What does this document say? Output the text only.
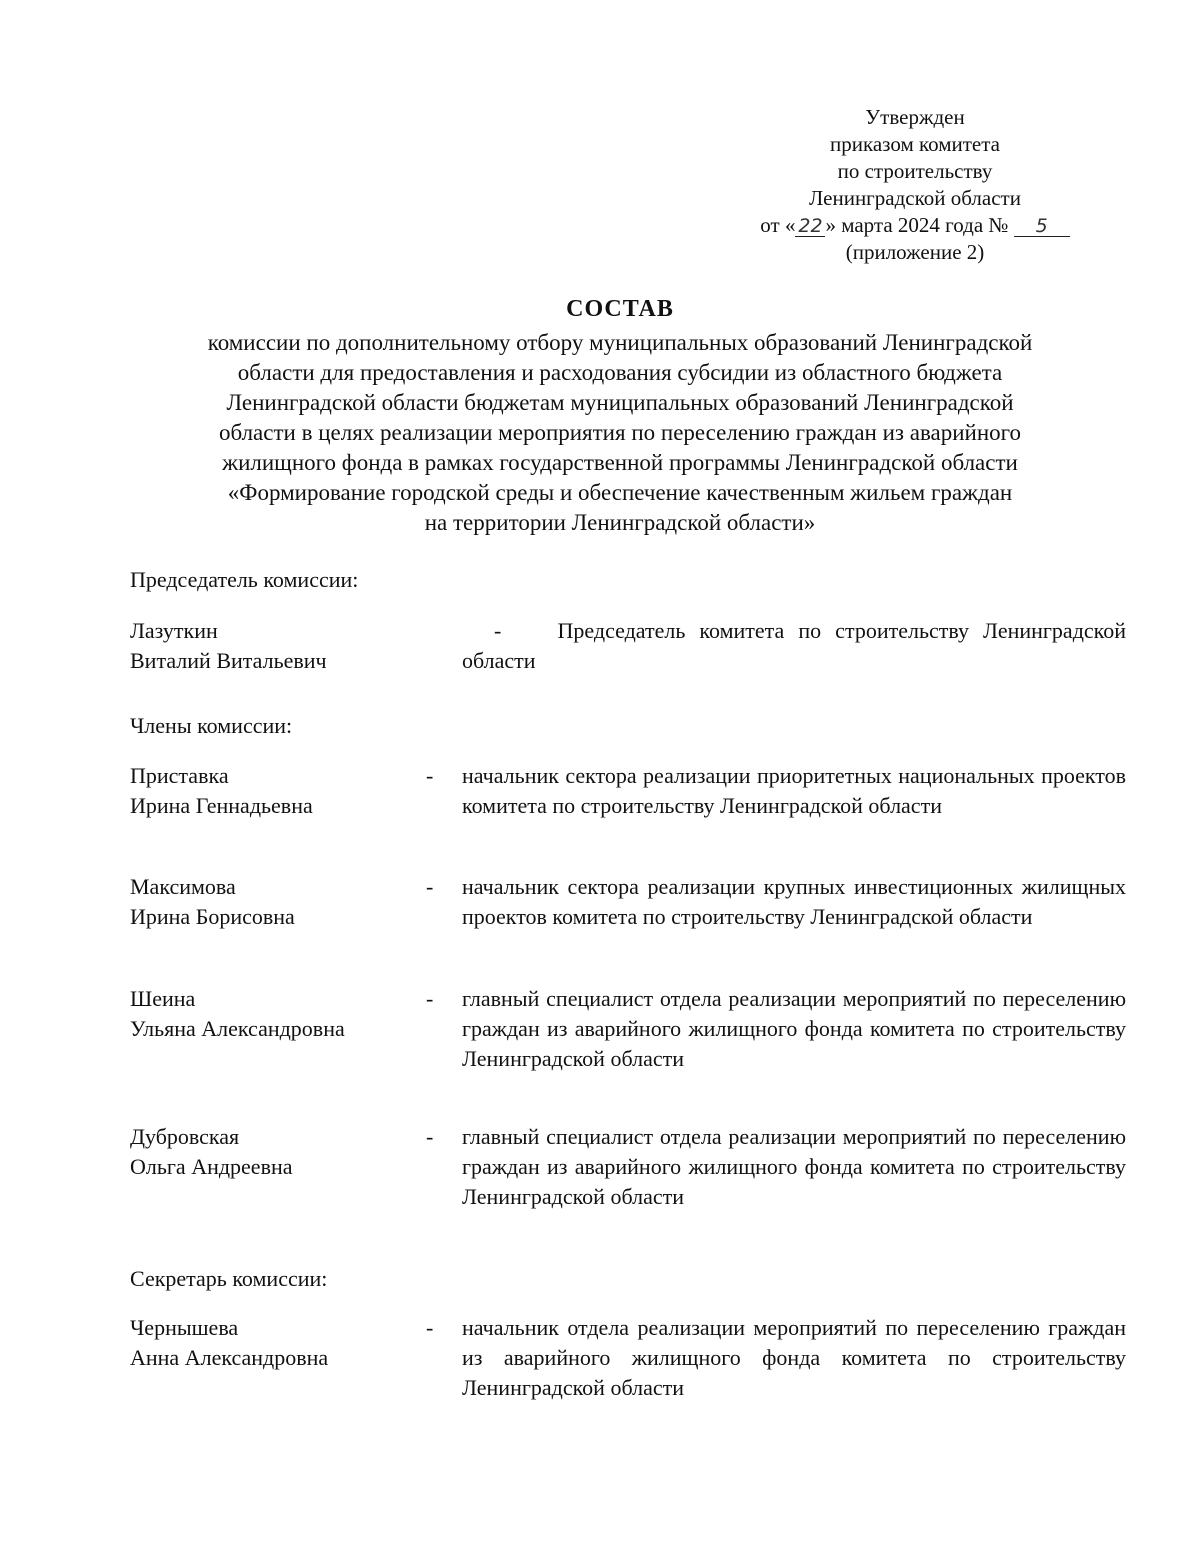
Утвержден
приказом комитета
по строительству
Ленинградской области
от « 22 » марта 2024 года № 5
(приложение 2)
СОСТАВ
комиссии по дополнительному отбору муниципальных образований Ленинградской
области для предоставления и расходования субсидии из областного бюджета
Ленинградской области бюджетам муниципальных образований Ленинградской
области в целях реализации мероприятия по переселению граждан из аварийного
жилищного фонда в рамках государственной программы Ленинградской области
«Формирование городской среды и обеспечение качественным жильем граждан
на территории Ленинградской области»
Председатель комиссии:
Лазуткин
Виталий Витальевич
-	Председатель комитета по строительству Ленинградской области
Члены комиссии:
Приставка
Ирина Геннадьевна
- начальник сектора реализации приоритетных национальных проектов комитета по строительству Ленинградской области
Максимова
Ирина Борисовна
- начальник сектора реализации крупных инвестиционных жилищных проектов комитета по строительству Ленинградской области
Шеина
Ульяна Александровна
- главный специалист отдела реализации мероприятий по переселению граждан из аварийного жилищного фонда комитета по строительству Ленинградской области
Дубровская
Ольга Андреевна
- главный специалист отдела реализации мероприятий по переселению граждан из аварийного жилищного фонда комитета по строительству Ленинградской области
Секретарь комиссии:
Чернышева
Анна Александровна
- начальник отдела реализации мероприятий по переселению граждан из аварийного жилищного фонда комитета по строительству Ленинградской области
